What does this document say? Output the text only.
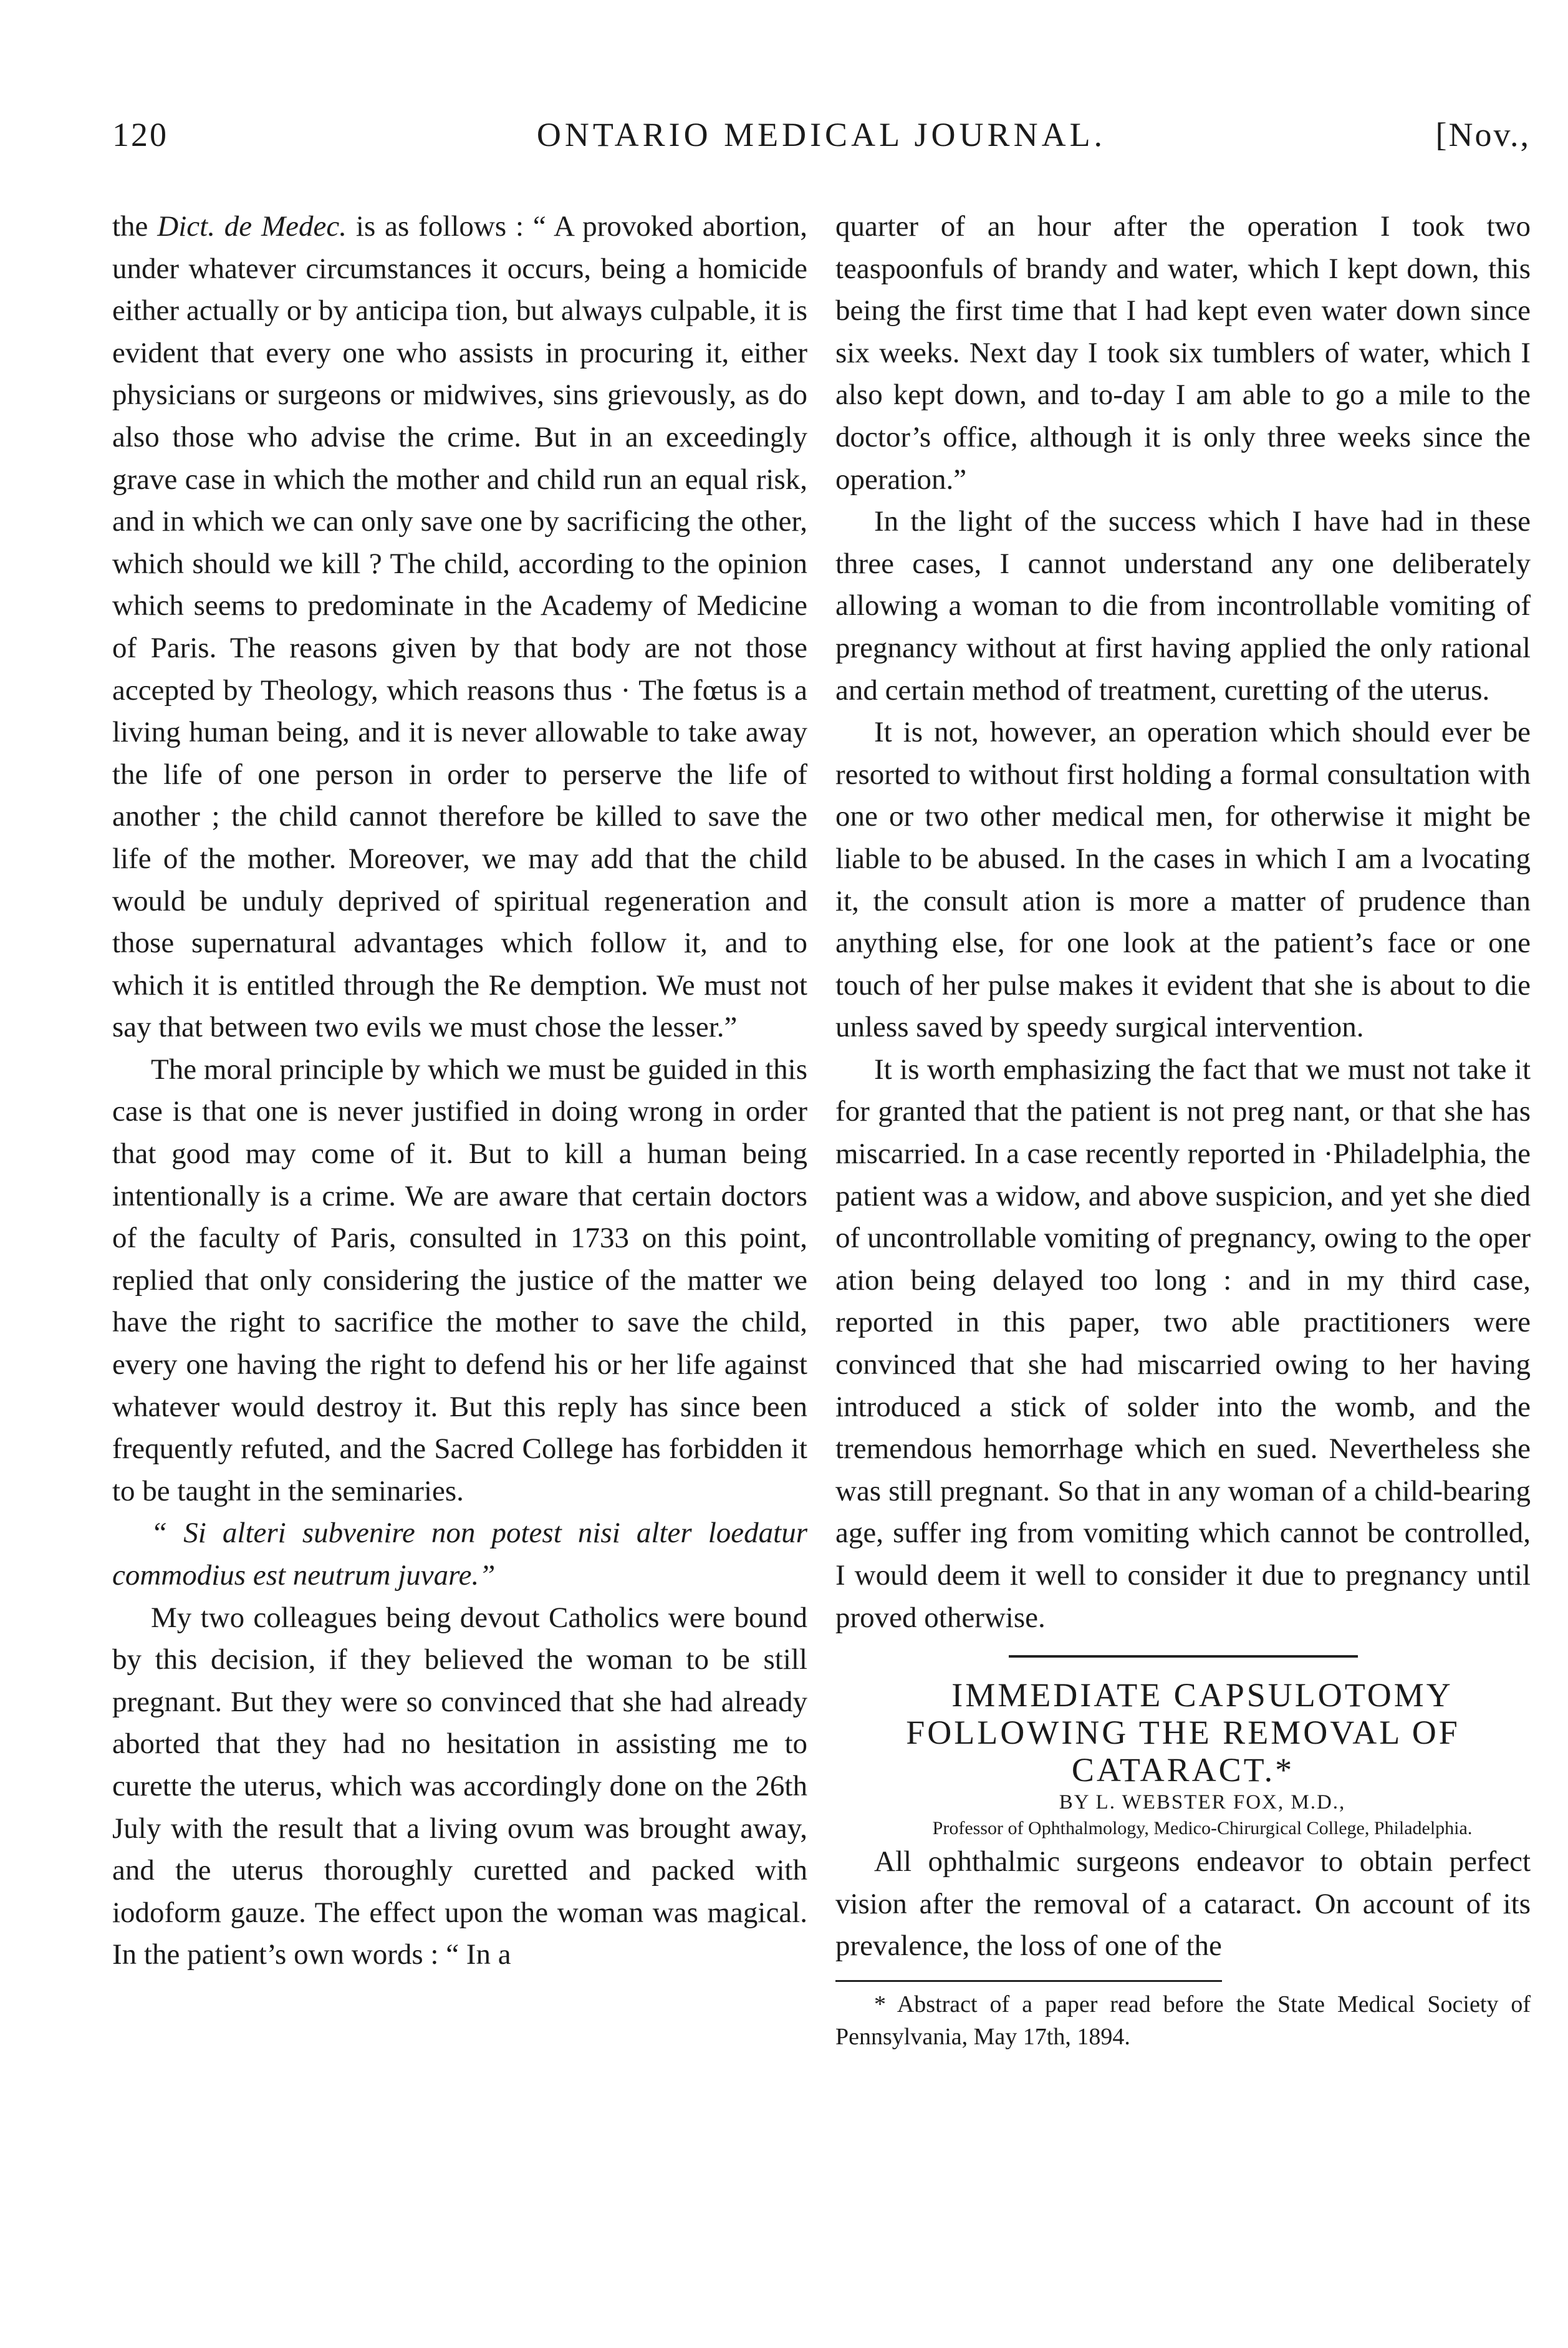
120	ONTARIO MEDICAL JOURNAL.	[Nov.,

the Dict. de Medec. is as follows : “ A provoked abortion, under whatever circumstances it occurs, being a homicide either actually or by anticipa tion, but always culpable, it is evident that every one who assists in procuring it, either physicians or surgeons or midwives, sins grievously, as do also those who advise the crime. But in an exceedingly grave case in which the mother and child run an equal risk, and in which we can only save one by sacrificing the other, which should we kill ? The child, according to the opinion which seems to predominate in the Academy of Medicine of Paris. The reasons given by that body are not those accepted by Theology, which reasons thus · The fœtus is a living human being, and it is never allowable to take away the life of one person in order to perserve the life of another ; the child cannot therefore be killed to save the life of the mother. Moreover, we may add that the child would be unduly deprived of spiritual regeneration and those supernatural advantages which follow it, and to which it is entitled through the Re demption. We must not say that between two evils we must chose the lesser.”

The moral principle by which we must be guided in this case is that one is never justified in doing wrong in order that good may come of it. But to kill a human being intentionally is a crime. We are aware that certain doctors of the faculty of Paris, consulted in 1733 on this point, replied that only considering the justice of the matter we have the right to sacrifice the mother to save the child, every one having the right to defend his or her life against whatever would destroy it. But this reply has since been frequently refuted, and the Sacred College has forbidden it to be taught in the seminaries.

“ Si alteri subvenire non potest nisi alter loedatur commodius est neutrum juvare.”

My two colleagues being devout Catholics were bound by this decision, if they believed the woman to be still pregnant. But they were so convinced that she had already aborted that they had no hesitation in assisting me to curette the uterus, which was accordingly done on the 26th July with the result that a living ovum was brought away, and the uterus thoroughly curetted and packed with iodoform gauze. The effect upon the woman was magical. In the patient’s own words : “ In a

quarter of an hour after the operation I took two teaspoonfuls of brandy and water, which I kept down, this being the first time that I had kept even water down since six weeks. Next day I took six tumblers of water, which I also kept down, and to-day I am able to go a mile to the doctor’s office, although it is only three weeks since the operation.”

In the light of the success which I have had in these three cases, I cannot understand any one deliberately allowing a woman to die from incontrollable vomiting of pregnancy without at first having applied the only rational and certain method of treatment, curetting of the uterus.

It is not, however, an operation which should ever be resorted to without first holding a formal consultation with one or two other medical men, for otherwise it might be liable to be abused. In the cases in which I am a lvocating it, the consult ation is more a matter of prudence than anything else, for one look at the patient’s face or one touch of her pulse makes it evident that she is about to die unless saved by speedy surgical intervention.

It is worth emphasizing the fact that we must not take it for granted that the patient is not preg nant, or that she has miscarried. In a case recently reported in ·Philadelphia, the patient was a widow, and above suspicion, and yet she died of uncontrollable vomiting of pregnancy, owing to the oper ation being delayed too long : and in my third case, reported in this paper, two able practitioners were convinced that she had miscarried owing to her having introduced a stick of solder into the womb, and the tremendous hemorrhage which en sued. Nevertheless she was still pregnant. So that in any woman of a child-bearing age, suffer ing from vomiting which cannot be controlled, I would deem it well to consider it due to pregnancy until proved otherwise.

IMMEDIATE CAPSULOTOMY FOLLOWING THE REMOVAL OF CATARACT.*

BY L. WEBSTER FOX, M.D.,

Professor of Ophthalmology, Medico-Chirurgical College, Philadelphia.

All ophthalmic surgeons endeavor to obtain perfect vision after the removal of a cataract. On account of its prevalence, the loss of one of the

* Abstract of a paper read before the State Medical Society of Pennsylvania, May 17th, 1894.
